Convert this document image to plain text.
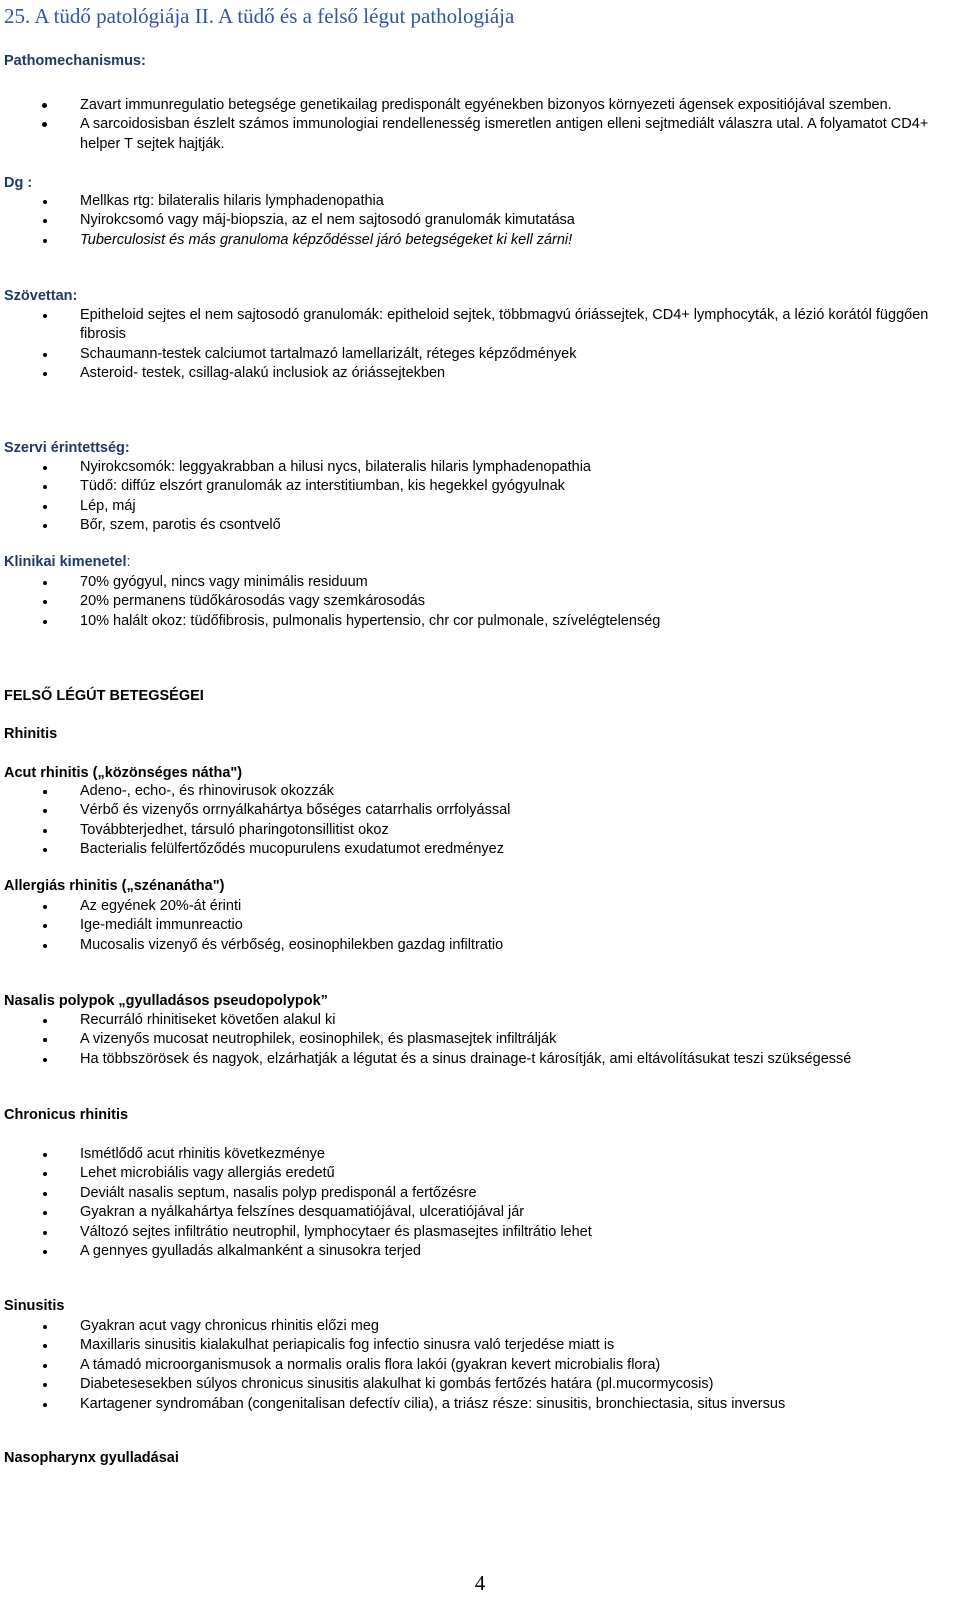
25. A tüdő patológiája II. A tüdő és a felső légut pathologiája
Pathomechanismus:
Zavart immunregulatio betegsége genetikailag predisponált egyénekben bizonyos környezeti ágensek expositiójával szemben.
A sarcoidosisban észlelt számos immunologiai rendellenesség ismeretlen antigen elleni sejtmediált válaszra utal. A folyamatot CD4+ helper T sejtek hajtják.
Dg :
Mellkas rtg: bilateralis hilaris lymphadenopathia
Nyirokcsomó vagy máj-biopszia, az el nem sajtosodó granulomák kimutatása
Tuberculosist és más granuloma képződéssel járó betegségeket ki kell zárni!
Szövettan:
Epitheloid sejtes el nem sajtosodó granulomák: epitheloid sejtek, többmagvú óriássejtek, CD4+ lymphocyták, a lézió korától függően fibrosis
Schaumann-testek calciumot tartalmazó lamellarizált, réteges képződmények
Asteroid- testek, csillag-alakú inclusiok az óriássejtekben
Szervi érintettség:
Nyirokcsomók: leggyakrabban a hilusi nycs, bilateralis hilaris lymphadenopathia
Tüdő: diffúz elszórt granulomák az interstitiumban, kis hegekkel gyógyulnak
Lép, máj
Bőr, szem, parotis és csontvelő
Klinikai kimenetel:
70% gyógyul, nincs vagy minimális residuum
20% permanens tüdőkárosodás vagy szemkárosodás
10% halált okoz: tüdőfibrosis, pulmonalis hypertensio, chr cor pulmonale, szívelégtelenség
FELSŐ LÉGÚT BETEGSÉGEI
Rhinitis
Acut rhinitis („közönséges nátha")
Adeno-, echo-, és rhinovirusok okozzák
Vérbő és vizenyős orrnyálkahártya bőséges catarrhalis orrfolyással
Továbbterjedhet, társuló pharingotonsillitist okoz
Bacterialis felülfertőződés mucopurulens exudatumot eredményez
Allergiás rhinitis („szénanátha")
Az egyének 20%-át érinti
Ige-mediált immunreactio
Mucosalis vizenyő és vérbőség, eosinophilekben gazdag infiltratio
Nasalis polypok „gyulladásos pseudopolypok”
Recurráló rhinitiseket követően alakul ki
A vizenyős mucosat neutrophilek, eosinophilek, és plasmasejtek infiltrálják
Ha többszörösek és nagyok, elzárhatják a légutat és a sinus drainage-t károsítják, ami eltávolításukat teszi szükségessé
Chronicus rhinitis
Ismétlődő acut rhinitis következménye
Lehet microbiális vagy allergiás eredetű
Deviált nasalis septum, nasalis polyp predisponál a fertőzésre
Gyakran a nyálkahártya felszínes desquamatiójával, ulceratiójával jár
Változó sejtes infiltrátio neutrophil, lymphocytaer és plasmasejtes infiltrátio lehet
A gennyes gyulladás alkalmanként a sinusokra terjed
Sinusitis
Gyakran acut vagy chronicus rhinitis előzi meg
Maxillaris sinusitis kialakulhat periapicalis fog infectio sinusra való terjedése miatt is
A támadó microorganismusok a normalis oralis flora lakói (gyakran kevert microbialis flora)
Diabetesesekben súlyos chronicus sinusitis alakulhat ki gombás fertőzés határa (pl.mucormycosis)
Kartagener syndromában (congenitalisan defectív cilia), a triász része: sinusitis, bronchiectasia, situs inversus
Nasopharynx gyulladásai
4
